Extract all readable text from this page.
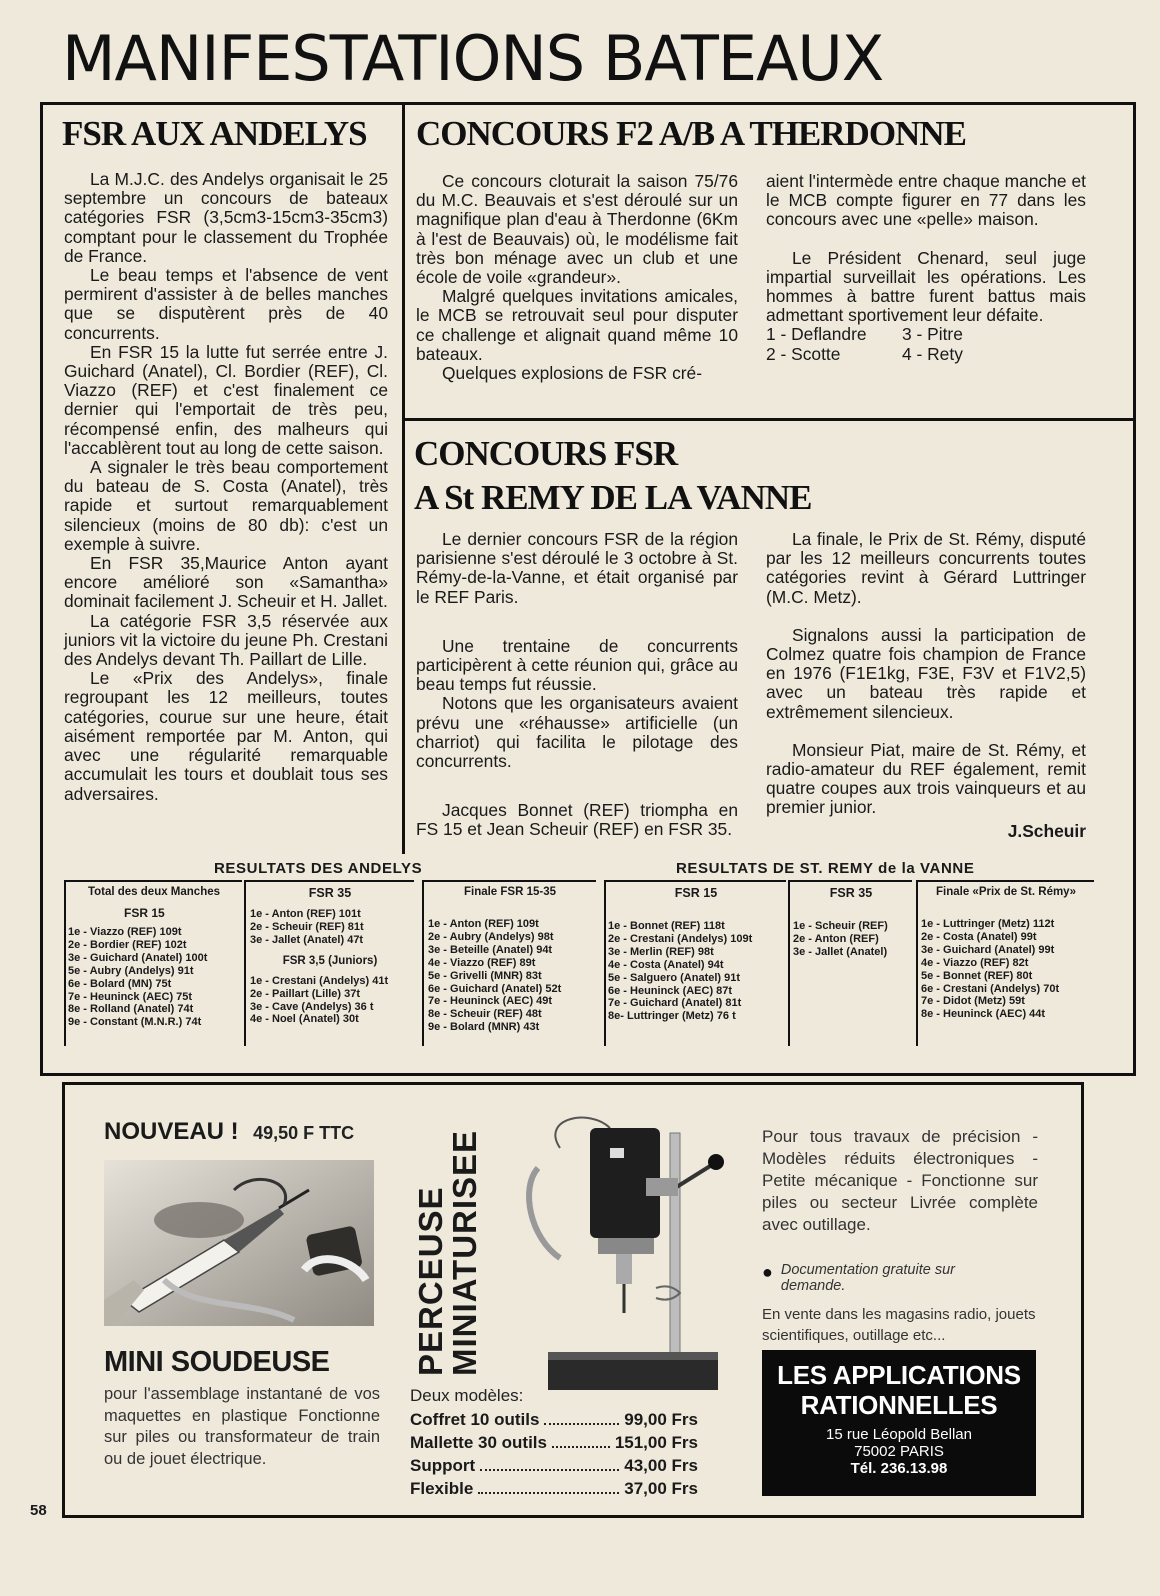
MANIFESTATIONS BATEAUX
FSR AUX ANDELYS

La M.J.C. des Andelys organisait le 25 septembre un concours de bateaux catégories FSR (3,5cm3-15cm3-35cm3) comptant pour le classement du Trophée de France.

Le beau temps et l'absence de vent permirent d'assister à de belles manches que se disputèrent près de 40 concurrents.

En FSR 15 la lutte fut serrée entre J. Guichard (Anatel), Cl. Bordier (REF), Cl. Viazzo (REF) et c'est finalement ce dernier qui l'emportait de très peu, récompensé enfin, des malheurs qui l'accablèrent tout au long de cette saison.

A signaler le très beau comportement du bateau de S. Costa (Anatel), très rapide et surtout remarquablement silencieux (moins de 80 db): c'est un exemple à suivre.

En FSR 35,Maurice Anton ayant encore amélioré son «Samantha» dominait facilement J. Scheuir et H. Jallet.

La catégorie FSR 3,5 réservée aux juniors vit la victoire du jeune Ph. Crestani des Andelys devant Th. Paillart de Lille.

Le «Prix des Andelys», finale regroupant les 12 meilleurs, toutes catégories, courue sur une heure, était aisément remportée par M. Anton, qui avec une régularité remarquable accumulait les tours et doublait tous ses adversaires.

CONCOURS F2 A/B A THERDONNE

Ce concours cloturait la saison 75/76 du M.C. Beauvais et s'est déroulé sur un magnifique plan d'eau à Therdonne (6Km à l'est de Beauvais) où, le modélisme fait très bon ménage avec un club et une école de voile «grandeur».

Malgré quelques invitations amicales, le MCB se retrouvait seul pour disputer ce challenge et alignait quand même 10 bateaux.

Quelques explosions de FSR cré-

aient l'intermède entre chaque manche et le MCB compte figurer en 77 dans les concours avec une «pelle» maison.

Le Président Chenard, seul juge impartial surveillait les opérations. Les hommes à battre furent battus mais admettant sportivement leur défaite.

1 - Deflandre	3 - Pitre
2 - Scotte	4 - Rety
CONCOURS FSR
A St REMY DE LA VANNE

Le dernier concours FSR de la région parisienne s'est déroulé le 3 octobre à St. Rémy-de-la-Vanne, et était organisé par le REF Paris.

Une trentaine de concurrents participèrent à cette réunion qui, grâce au beau temps fut réussie.

Notons que les organisateurs avaient prévu une «réhausse» artificielle (un charriot) qui facilita le pilotage des concurrents.

Jacques Bonnet (REF) triompha en FS 15 et Jean Scheuir (REF) en FSR 35.

La finale, le Prix de St. Rémy, disputé par les 12 meilleurs concurrents toutes catégories revint à Gérard Luttringer (M.C. Metz).

Signalons aussi la participation de Colmez quatre fois champion de France en 1976 (F1E1kg, F3E, F3V et F1V2,5) avec un bateau très rapide et extrêmement silencieux.

Monsieur Piat, maire de St. Rémy, et radio-amateur du REF également, remit quatre coupes aux trois vainqueurs et au premier junior.

J.Scheuir

RESULTATS DES ANDELYS	RESULTATS DE ST. REMY de la VANNE
Total des deux Manches
FSR 15
1e - Viazzo (REF) 109t
2e - Bordier (REF) 102t
3e - Guichard (Anatel) 100t
5e - Aubry (Andelys) 91t
6e - Bolard (MN) 75t
7e - Heuninck (AEC) 75t
8e - Rolland (Anatel) 74t
9e - Constant (M.N.R.) 74t
FSR 35
1e - Anton (REF) 101t
2e - Scheuir (REF) 81t
3e - Jallet (Anatel) 47t
FSR 3,5 (Juniors)
1e - Crestani (Andelys) 41t
2e - Paillart (Lille) 37t
3e - Cave (Andelys) 36 t
4e - Noel (Anatel) 30t
Finale FSR 15-35
1e - Anton (REF) 109t
2e - Aubry (Andelys) 98t
3e - Beteille (Anatel) 94t
4e - Viazzo (REF) 89t
5e - Grivelli (MNR) 83t
6e - Guichard (Anatel) 52t
7e - Heuninck (AEC) 49t
8e - Scheuir (REF) 48t
9e - Bolard (MNR) 43t
FSR 15
1e - Bonnet (REF) 118t
2e - Crestani (Andelys) 109t
3e - Merlin (REF) 98t
4e - Costa (Anatel) 94t
5e - Salguero (Anatel) 91t
6e - Heuninck (AEC) 87t
7e - Guichard (Anatel) 81t
8e- Luttringer (Metz) 76 t
FSR 35
1e - Scheuir (REF)
2e - Anton (REF)
3e - Jallet (Anatel)
Finale «Prix de St. Rémy»
1e - Luttringer (Metz) 112t
2e - Costa (Anatel) 99t
3e - Guichard (Anatel) 99t
4e - Viazzo (REF) 82t
5e - Bonnet (REF) 80t
6e - Crestani (Andelys) 70t
7e - Didot (Metz) 59t
8e - Heuninck (AEC) 44t
NOUVEAU ! 49,50 F TTC
MINI SOUDEUSE
pour l'assemblage instantané de vos maquettes en plastique Fonctionne sur piles ou transformateur de train ou de jouet électrique.
PERCEUSE
MINIATURISEE
Deux modèles:
Coffret 10 outils	99,00 Frs
Mallette 30 outils	151,00 Frs
Support	43,00 Frs
Flexible	37,00 Frs
Pour tous travaux de précision - Modèles réduits électroniques - Petite mécanique - Fonctionne sur piles ou secteur Livrée complète avec outillage.
● Documentation gratuite sur demande.
En vente dans les magasins radio, jouets scientifiques, outillage etc...
LES APPLICATIONS
RATIONNELLES
15 rue Léopold Bellan
75002 PARIS
Tél. 236.13.98
58
